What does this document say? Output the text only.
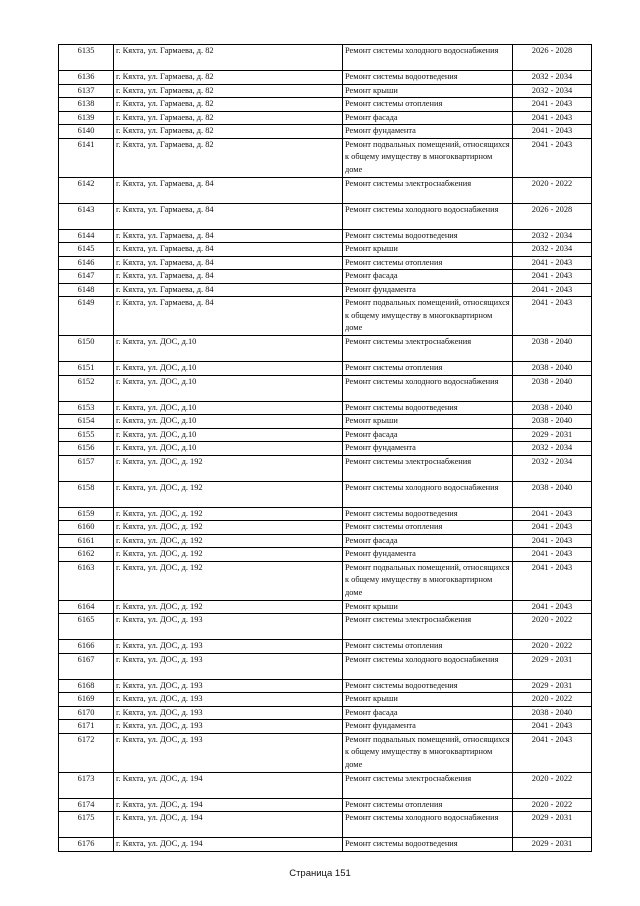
6135	г. Кяхта, ул. Гармаева, д. 82	Ремонт системы холодного водоснабжения	2026 - 2028
6136	г. Кяхта, ул. Гармаева, д. 82	Ремонт системы водоотведения	2032 - 2034
6137	г. Кяхта, ул. Гармаева, д. 82	Ремонт крыши	2032 - 2034
6138	г. Кяхта, ул. Гармаева, д. 82	Ремонт системы отопления	2041 - 2043
6139	г. Кяхта, ул. Гармаева, д. 82	Ремонт фасада	2041 - 2043
6140	г. Кяхта, ул. Гармаева, д. 82	Ремонт фундамента	2041 - 2043
6141	г. Кяхта, ул. Гармаева, д. 82	Ремонт подвальных помещений, относящихся к общему имуществу в многоквартирном доме	2041 - 2043
6142	г. Кяхта, ул. Гармаева, д. 84	Ремонт системы электроснабжения	2020 - 2022
6143	г. Кяхта, ул. Гармаева, д. 84	Ремонт системы холодного водоснабжения	2026 - 2028
6144	г. Кяхта, ул. Гармаева, д. 84	Ремонт системы водоотведения	2032 - 2034
6145	г. Кяхта, ул. Гармаева, д. 84	Ремонт крыши	2032 - 2034
6146	г. Кяхта, ул. Гармаева, д. 84	Ремонт системы отопления	2041 - 2043
6147	г. Кяхта, ул. Гармаева, д. 84	Ремонт фасада	2041 - 2043
6148	г. Кяхта, ул. Гармаева, д. 84	Ремонт фундамента	2041 - 2043
6149	г. Кяхта, ул. Гармаева, д. 84	Ремонт подвальных помещений, относящихся к общему имуществу в многоквартирном доме	2041 - 2043
6150	г. Кяхта, ул. ДОС, д.10	Ремонт системы электроснабжения	2038 - 2040
6151	г. Кяхта, ул. ДОС, д.10	Ремонт системы отопления	2038 - 2040
6152	г. Кяхта, ул. ДОС, д.10	Ремонт системы холодного водоснабжения	2038 - 2040
6153	г. Кяхта, ул. ДОС, д.10	Ремонт системы водоотведения	2038 - 2040
6154	г. Кяхта, ул. ДОС, д.10	Ремонт крыши	2038 - 2040
6155	г. Кяхта, ул. ДОС, д.10	Ремонт фасада	2029 - 2031
6156	г. Кяхта, ул. ДОС, д.10	Ремонт фундамента	2032 - 2034
6157	г. Кяхта, ул. ДОС, д. 192	Ремонт системы электроснабжения	2032 - 2034
6158	г. Кяхта, ул. ДОС, д. 192	Ремонт системы холодного водоснабжения	2038 - 2040
6159	г. Кяхта, ул. ДОС, д. 192	Ремонт системы водоотведения	2041 - 2043
6160	г. Кяхта, ул. ДОС, д. 192	Ремонт системы отопления	2041 - 2043
6161	г. Кяхта, ул. ДОС, д. 192	Ремонт фасада	2041 - 2043
6162	г. Кяхта, ул. ДОС, д. 192	Ремонт фундамента	2041 - 2043
6163	г. Кяхта, ул. ДОС, д. 192	Ремонт подвальных помещений, относящихся к общему имуществу в многоквартирном доме	2041 - 2043
6164	г. Кяхта, ул. ДОС, д. 192	Ремонт крыши	2041 - 2043
6165	г. Кяхта, ул. ДОС, д. 193	Ремонт системы электроснабжения	2020 - 2022
6166	г. Кяхта, ул. ДОС, д. 193	Ремонт системы отопления	2020 - 2022
6167	г. Кяхта, ул. ДОС, д. 193	Ремонт системы холодного водоснабжения	2029 - 2031
6168	г. Кяхта, ул. ДОС, д. 193	Ремонт системы водоотведения	2029 - 2031
6169	г. Кяхта, ул. ДОС, д. 193	Ремонт крыши	2020 - 2022
6170	г. Кяхта, ул. ДОС, д. 193	Ремонт фасада	2038 - 2040
6171	г. Кяхта, ул. ДОС, д. 193	Ремонт фундамента	2041 - 2043
6172	г. Кяхта, ул. ДОС, д. 193	Ремонт подвальных помещений, относящихся к общему имуществу в многоквартирном доме	2041 - 2043
6173	г. Кяхта, ул. ДОС, д. 194	Ремонт системы электроснабжения	2020 - 2022
6174	г. Кяхта, ул. ДОС, д. 194	Ремонт системы отопления	2020 - 2022
6175	г. Кяхта, ул. ДОС, д. 194	Ремонт системы холодного водоснабжения	2029 - 2031
6176	г. Кяхта, ул. ДОС, д. 194	Ремонт системы водоотведения	2029 - 2031
Страница 151
